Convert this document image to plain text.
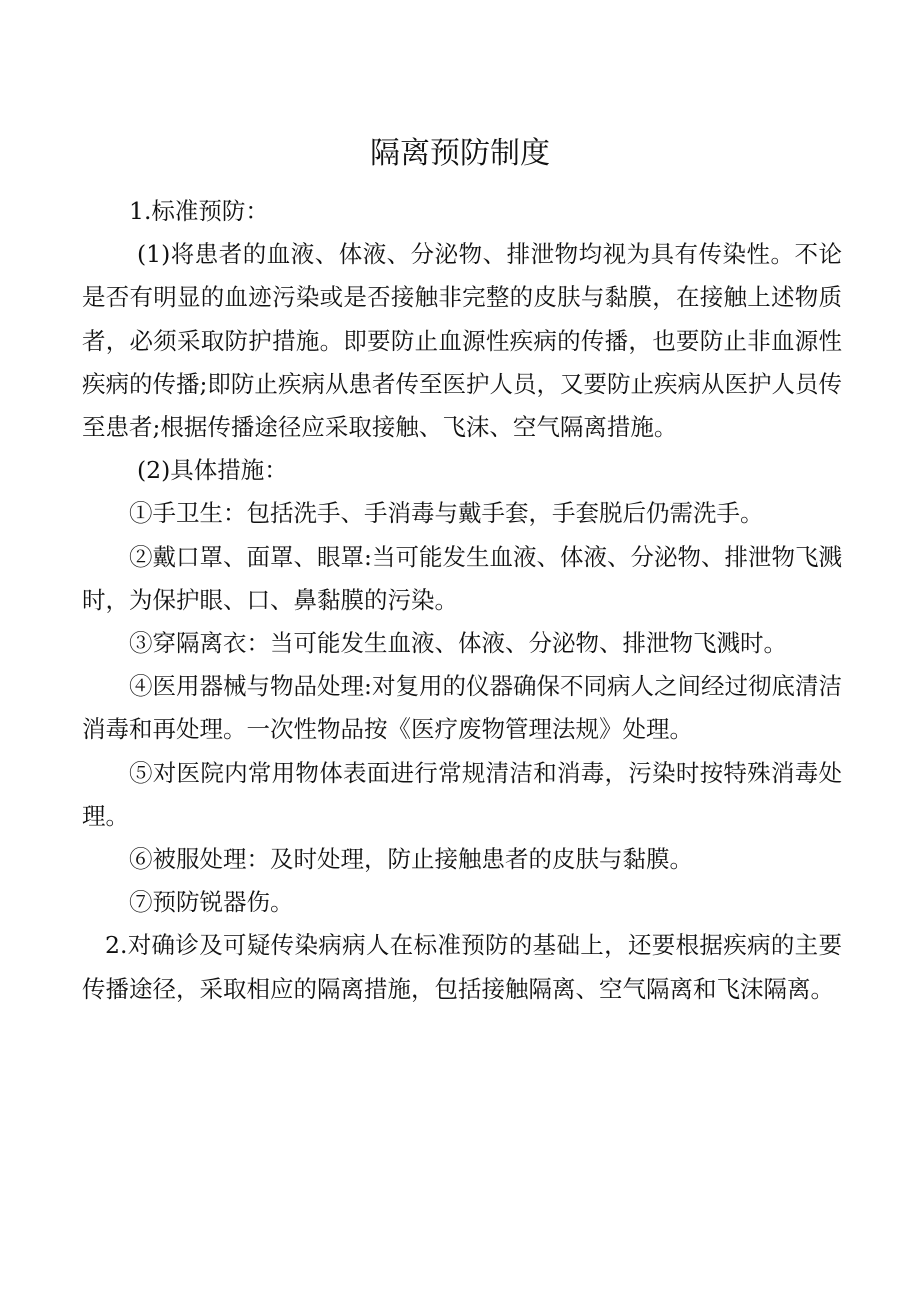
隔离预防制度

1.标准预防：

(1)将患者的血液、体液、分泌物、排泄物均视为具有传染性。不论是否有明显的血迹污染或是否接触非完整的皮肤与黏膜，在接触上述物质者，必须采取防护措施。即要防止血源性疾病的传播，也要防止非血源性疾病的传播;即防止疾病从患者传至医护人员，又要防止疾病从医护人员传至患者;根据传播途径应采取接触、飞沫、空气隔离措施。

(2)具体措施：

①手卫生：包括洗手、手消毒与戴手套，手套脱后仍需洗手。

②戴口罩、面罩、眼罩:当可能发生血液、体液、分泌物、排泄物飞溅时，为保护眼、口、鼻黏膜的污染。

③穿隔离衣：当可能发生血液、体液、分泌物、排泄物飞溅时。

④医用器械与物品处理:对复用的仪器确保不同病人之间经过彻底清洁消毒和再处理。一次性物品按《医疗废物管理法规》处理。

⑤对医院内常用物体表面进行常规清洁和消毒，污染时按特殊消毒处理。

⑥被服处理：及时处理，防止接触患者的皮肤与黏膜。

⑦预防锐器伤。

2.对确诊及可疑传染病病人在标准预防的基础上，还要根据疾病的主要传播途径，采取相应的隔离措施，包括接触隔离、空气隔离和飞沫隔离。
